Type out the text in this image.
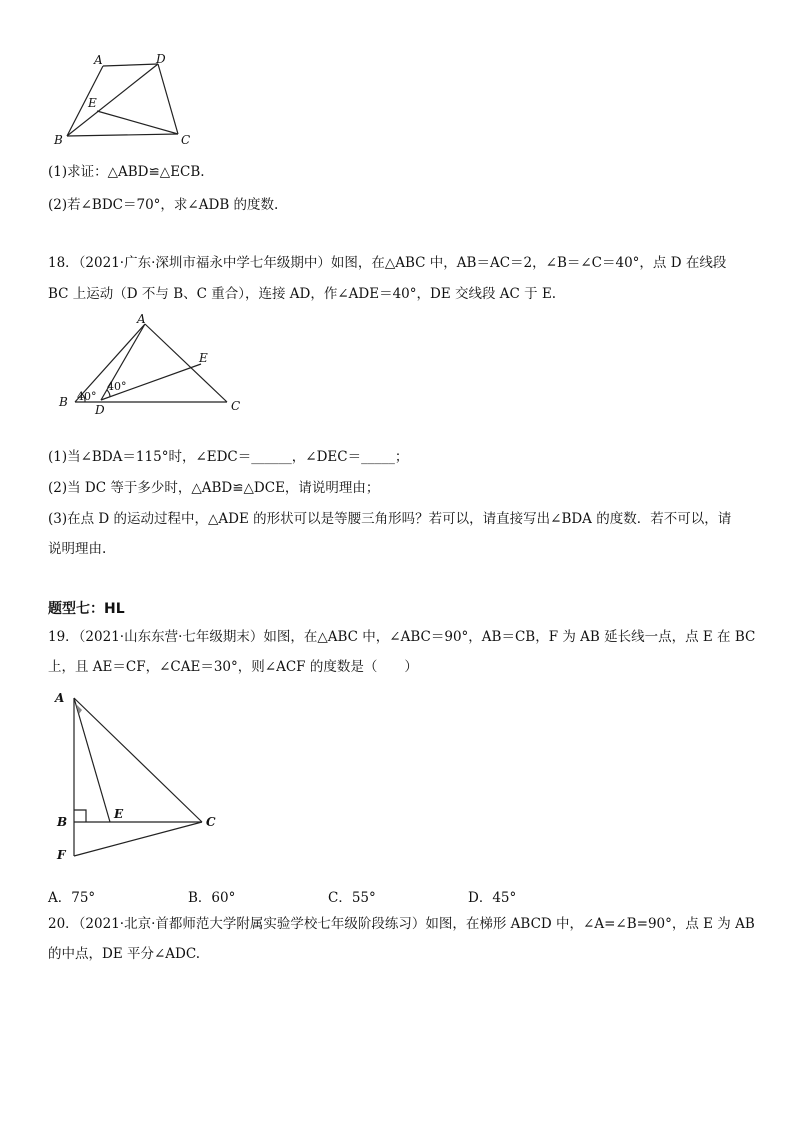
A	D
E
B	C
(1)求证：△ABD≌△ECB.
(2)若∠BDC＝70°，求∠ADB 的度数.
18．（2021·广东·深圳市福永中学七年级期中）如图，在△ABC 中，AB＝AC＝2，∠B＝∠C＝40°，点 D 在线段
BC 上运动（D 不与 B、C 重合），连接 AD，作∠ADE＝40°，DE 交线段 AC 于 E.
A
E
B
D	C
40°
40°
(1)当∠BDA＝115°时，∠EDC＝______，∠DEC＝_____；
(2)当 DC 等于多少时，△ABD≌△DCE，请说明理由；
(3)在点 D 的运动过程中，△ADE 的形状可以是等腰三角形吗？若可以，请直接写出∠BDA 的度数．若不可以，请
说明理由.
题型七：HL
19．（2021·山东东营·七年级期末）如图，在△ABC 中，∠ABC＝90°，AB＝CB，F 为 AB 延长线一点，点 E 在 BC
上，且 AE＝CF，∠CAE＝30°，则∠ACF 的度数是（　　）
A
B
E
C
F
A．75°	B．60°	C．55°	D．45°
20．（2021·北京·首都师范大学附属实验学校七年级阶段练习）如图，在梯形 ABCD 中，∠A=∠B=90°，点 E 为 AB
的中点，DE 平分∠ADC.
